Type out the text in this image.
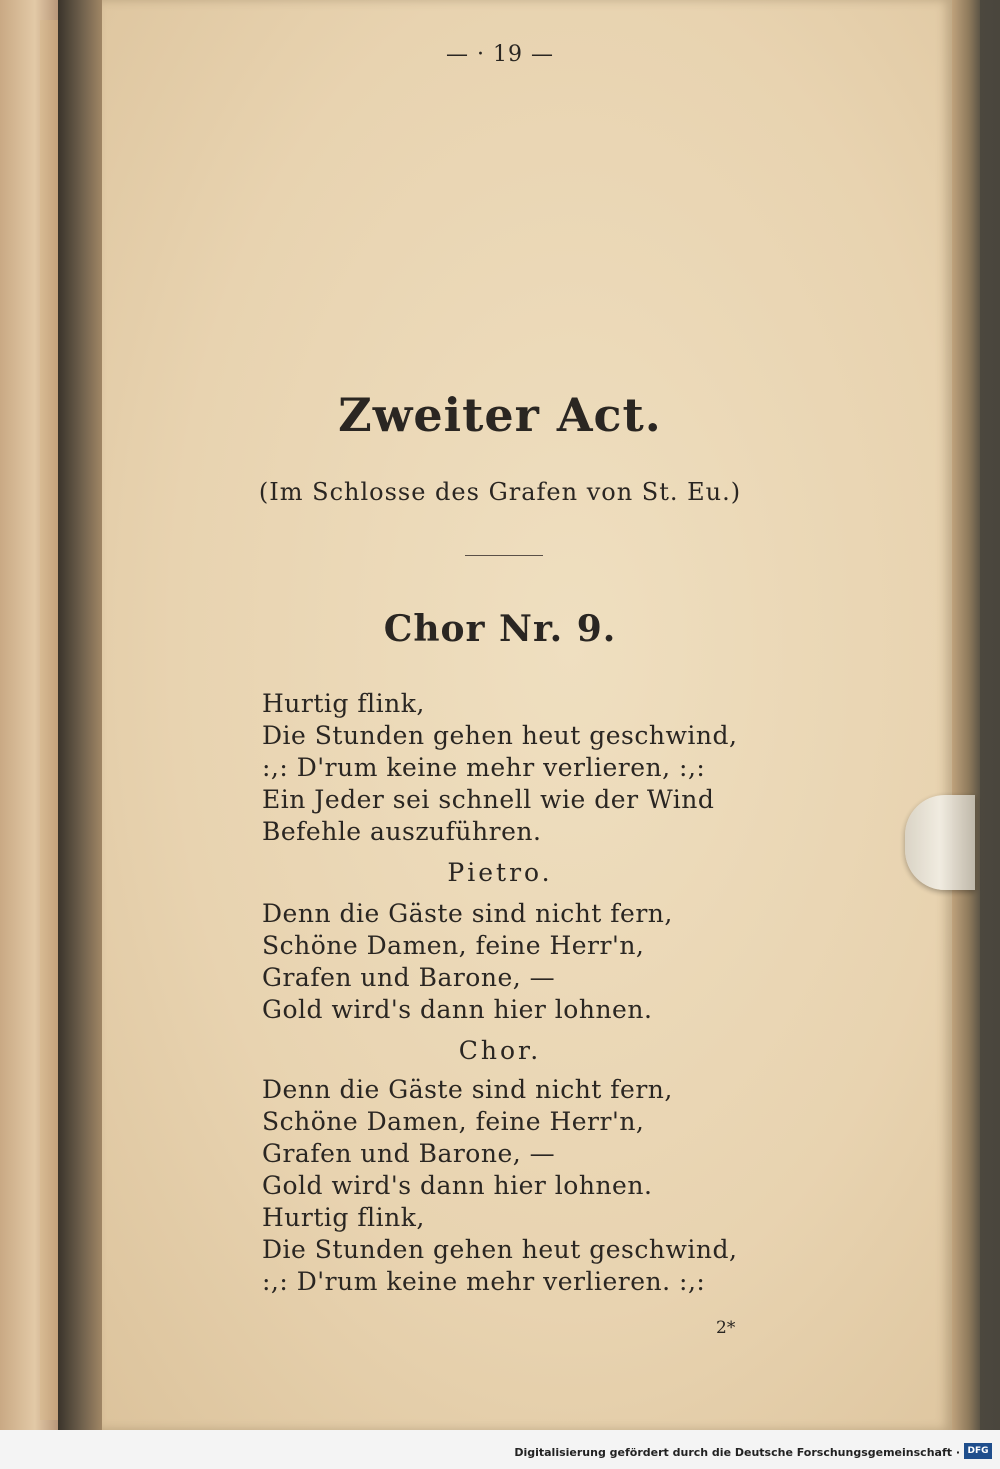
— · 19 —
Zweiter Act.
(Im Schlosse des Grafen von St. Eu.)
Chor Nr. 9.
Hurtig flink,
Die Stunden gehen heut geschwind,
:,: D'rum keine mehr verlieren, :,:
Ein Jeder sei schnell wie der Wind
Befehle auszuführen.
Pietro.
Denn die Gäste sind nicht fern,
Schöne Damen, feine Herr'n,
Grafen und Barone, —
Gold wird's dann hier lohnen.
Chor.
Denn die Gäste sind nicht fern,
Schöne Damen, feine Herr'n,
Grafen und Barone, —
Gold wird's dann hier lohnen.
Hurtig flink,
Die Stunden gehen heut geschwind,
:,: D'rum keine mehr verlieren. :,:
2*
Digitalisierung gefördert durch die Deutsche Forschungsgemeinschaft · DFG
